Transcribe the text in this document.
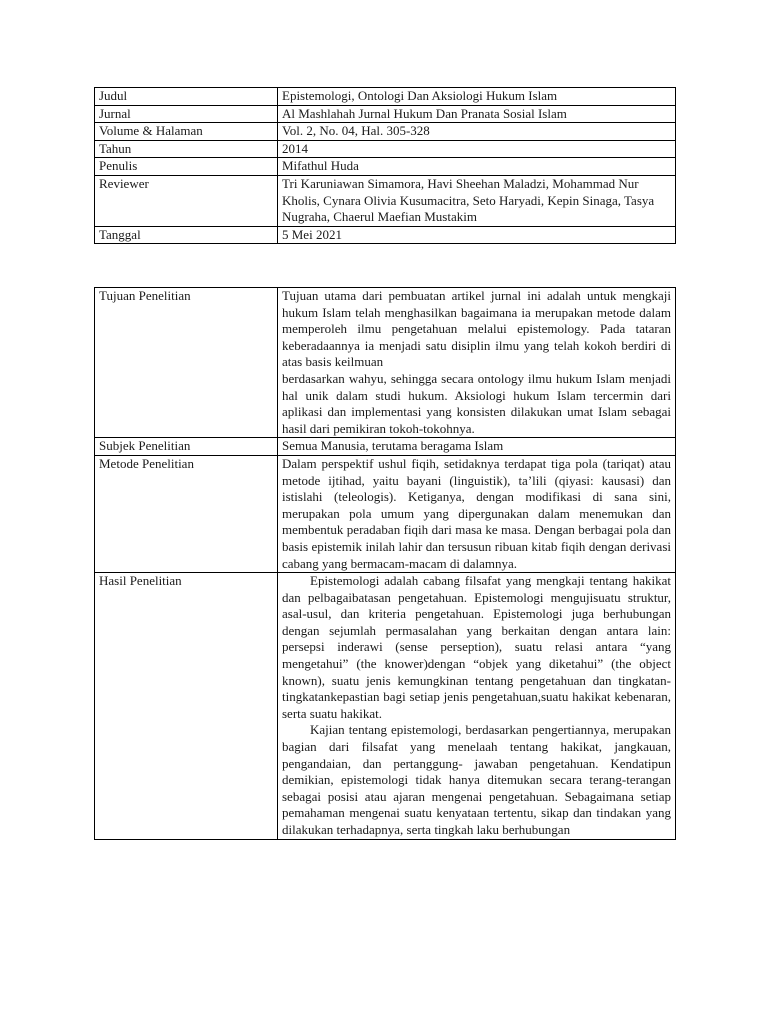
Judul	Epistemologi, Ontologi Dan Aksiologi Hukum Islam
Jurnal	Al Mashlahah Jurnal Hukum Dan Pranata Sosial Islam
Volume & Halaman	Vol. 2, No. 04, Hal. 305-328
Tahun	2014
Penulis	Mifathul Huda
Reviewer	Tri Karuniawan Simamora, Havi Sheehan Maladzi, Mohammad Nur Kholis, Cynara Olivia Kusumacitra, Seto Haryadi, Kepin Sinaga, Tasya Nugraha, Chaerul Maefian Mustakim
Tanggal	5 Mei 2021
Tujuan Penelitian	Tujuan utama dari pembuatan artikel jurnal ini adalah untuk mengkaji hukum Islam telah menghasilkan bagaimana ia merupakan metode dalam memperoleh ilmu pengetahuan melalui epistemology. Pada tataran keberadaannya ia menjadi satu disiplin ilmu yang telah kokoh berdiri di atas basis keilmuan

berdasarkan wahyu, sehingga secara ontology ilmu hukum Islam menjadi hal unik dalam studi hukum. Aksiologi hukum Islam tercermin dari aplikasi dan implementasi yang konsisten dilakukan umat Islam sebagai hasil dari pemikiran tokoh-tokohnya.

Subjek Penelitian	Semua Manusia, terutama beragama Islam
Metode Penelitian	Dalam perspektif ushul fiqih, setidaknya terdapat tiga pola (tariqat) atau metode ijtihad, yaitu bayani (linguistik), ta’lili (qiyasi: kausasi) dan istislahi (teleologis). Ketiganya, dengan modifikasi di sana sini, merupakan pola umum yang dipergunakan dalam menemukan dan membentuk peradaban fiqih dari masa ke masa. Dengan berbagai pola dan basis epistemik inilah lahir dan tersusun ribuan kitab fiqih dengan derivasi cabang yang bermacam-macam di dalamnya.

Hasil Penelitian	Epistemologi adalah cabang filsafat yang mengkaji tentang hakikat dan pelbagaibatasan pengetahuan. Epistemologi mengujisuatu struktur, asal-usul, dan kriteria pengetahuan. Epistemologi juga berhubungan dengan sejumlah permasalahan yang berkaitan dengan antara lain: persepsi inderawi (sense perseption), suatu relasi antara “yang mengetahui” (the knower)dengan “objek yang diketahui” (the object known), suatu jenis kemungkinan tentang pengetahuan dan tingkatan-tingkatankepastian bagi setiap jenis pengetahuan,suatu hakikat kebenaran, serta suatu hakikat.

Kajian tentang epistemologi, berdasarkan pengertiannya, merupakan bagian dari filsafat yang menelaah tentang hakikat, jangkauan, pengandaian, dan pertanggung- jawaban pengetahuan. Kendatipun demikian, epistemologi tidak hanya ditemukan secara terang-terangan sebagai posisi atau ajaran mengenai pengetahuan. Sebagaimana setiap pemahaman mengenai suatu kenyataan tertentu, sikap dan tindakan yang dilakukan terhadapnya, serta tingkah laku berhubungan
